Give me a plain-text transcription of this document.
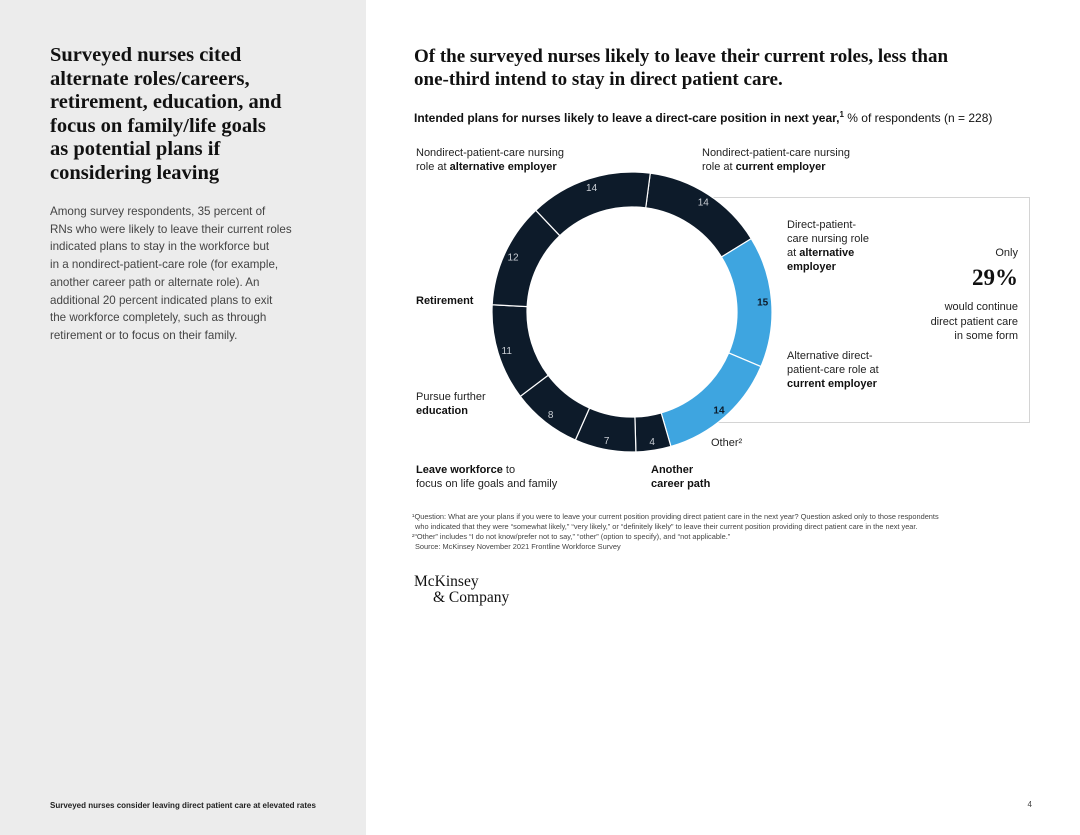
Surveyed nurses cited
alternate roles/careers,
retirement, education, and
focus on family/life goals
as potential plans if
considering leaving

Among survey respondents, 35 percent of
RNs who were likely to leave their current roles
indicated plans to stay in the workforce but
in a nondirect-patient-care role (for example,
another career path or alternate role). An
additional 20 percent indicated plans to exit
the workforce completely, such as through
retirement or to focus on their family.

Surveyed nurses consider leaving direct patient care at elevated rates
Of the surveyed nurses likely to leave their current roles, less than
one-third intend to stay in direct patient care.
Intended plans for nurses likely to leave a direct-care position in next year,$^1$ % of respondents (n = 228)
14
15
14
4
7
8
11
12
14
Nondirect-patient-care nursing
role at alternative employer
Nondirect-patient-care nursing
role at current employer
Direct-patient-
care nursing role
at alternative
employer
Alternative direct-
patient-care role at
current employer
Other²
Another
career path
Leave workforce to
focus on life goals and family
Pursue further
education
Retirement
Only
29%
would continue
direct patient care
in some form
¹Question: What are your plans if you were to leave your current position providing direct patient care in the next year? Question asked only to those respondents
who indicated that they were “somewhat likely,” “very likely,” or “definitely likely” to leave their current position providing direct patient care in the next year.
²“Other” includes “I do not know/prefer not to say,” “other” (option to specify), and “not applicable.”
Source: McKinsey November 2021 Frontline Workforce Survey
McKinsey
& Company
4
